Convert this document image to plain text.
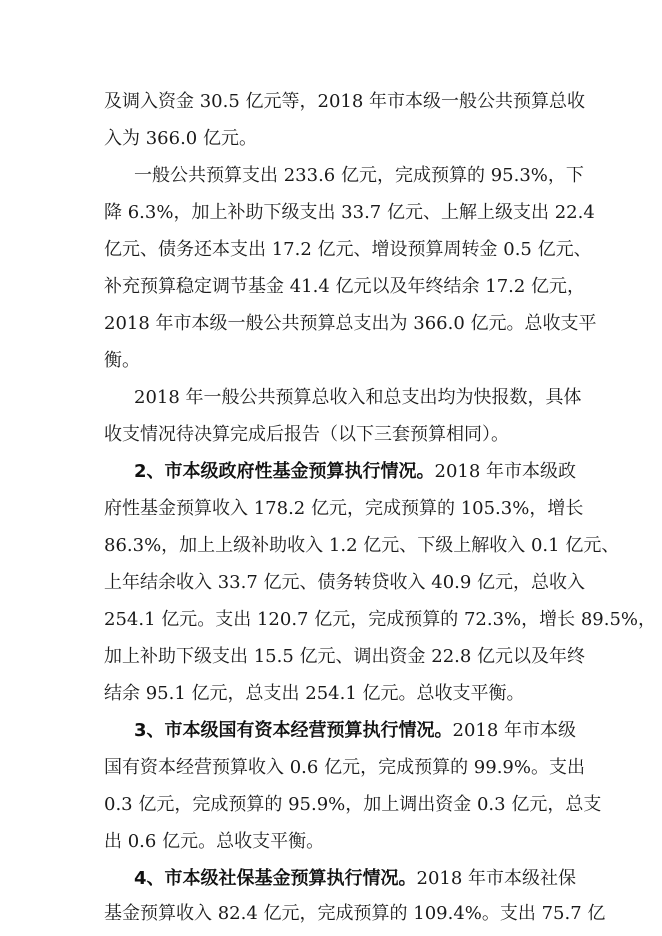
及调入资金 30.5 亿元等，2018 年市本级一般公共预算总收
入为 366.0 亿元。
一般公共预算支出 233.6 亿元，完成预算的 95.3%，下
降 6.3%，加上补助下级支出 33.7 亿元、上解上级支出 22.4
亿元、债务还本支出 17.2 亿元、增设预算周转金 0.5 亿元、
补充预算稳定调节基金 41.4 亿元以及年终结余 17.2 亿元，
2018 年市本级一般公共预算总支出为 366.0 亿元。总收支平
衡。
2018 年一般公共预算总收入和总支出均为快报数，具体
收支情况待决算完成后报告（以下三套预算相同）。
2、市本级政府性基金预算执行情况。2018 年市本级政
府性基金预算收入 178.2 亿元，完成预算的 105.3%，增长
86.3%，加上上级补助收入 1.2 亿元、下级上解收入 0.1 亿元、
上年结余收入 33.7 亿元、债务转贷收入 40.9 亿元，总收入
254.1 亿元。支出 120.7 亿元，完成预算的 72.3%，增长 89.5%，
加上补助下级支出 15.5 亿元、调出资金 22.8 亿元以及年终
结余 95.1 亿元，总支出 254.1 亿元。总收支平衡。
3、市本级国有资本经营预算执行情况。2018 年市本级
国有资本经营预算收入 0.6 亿元，完成预算的 99.9%。支出
0.3 亿元，完成预算的 95.9%，加上调出资金 0.3 亿元，总支
出 0.6 亿元。总收支平衡。
4、市本级社保基金预算执行情况。2018 年市本级社保
基金预算收入 82.4 亿元，完成预算的 109.4%。支出 75.7 亿
